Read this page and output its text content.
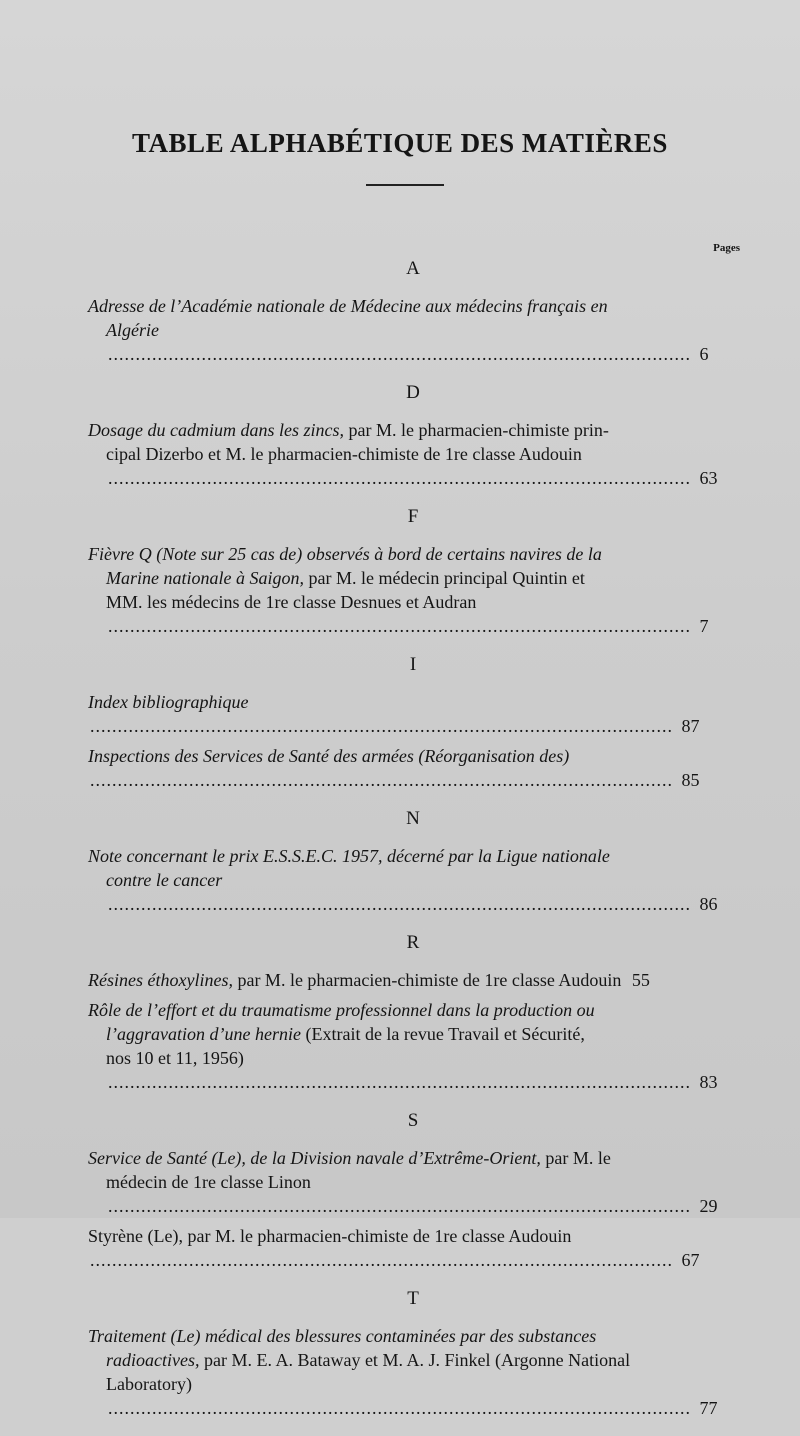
TABLE ALPHABÉTIQUE DES MATIÈRES
Pages
A
Adresse de l’Académie nationale de Médecine aux médecins français en
Algérie .......................................................................................................... 6
D
Dosage du cadmium dans les zincs, par M. le pharmacien-chimiste prin-
cipal Dizerbo et M. le pharmacien-chimiste de 1re classe Audouin .......................................................................................................... 63
F
Fièvre Q (Note sur 25 cas de) observés à bord de certains navires de la
Marine nationale à Saigon, par M. le médecin principal Quintin et
MM. les médecins de 1re classe Desnues et Audran .......................................................................................................... 7
I
Index bibliographique .......................................................................................................... 87
Inspections des Services de Santé des armées (Réorganisation des) .......................................................................................................... 85
N
Note concernant le prix E.S.S.E.C. 1957, décerné par la Ligue nationale
contre le cancer .......................................................................................................... 86
R
Résines éthoxylines, par M. le pharmacien-chimiste de 1re classe Audouin 55
Rôle de l’effort et du traumatisme professionnel dans la production ou
l’aggravation d’une hernie (Extrait de la revue Travail et Sécurité,
nos 10 et 11, 1956) .......................................................................................................... 83
S
Service de Santé (Le), de la Division navale d’Extrême-Orient, par M. le
médecin de 1re classe Linon .......................................................................................................... 29
Styrène (Le), par M. le pharmacien-chimiste de 1re classe Audouin .......................................................................................................... 67
T
Traitement (Le) médical des blessures contaminées par des substances
radioactives, par M. E. A. Bataway et M. A. J. Finkel (Argonne National
Laboratory) .......................................................................................................... 77
